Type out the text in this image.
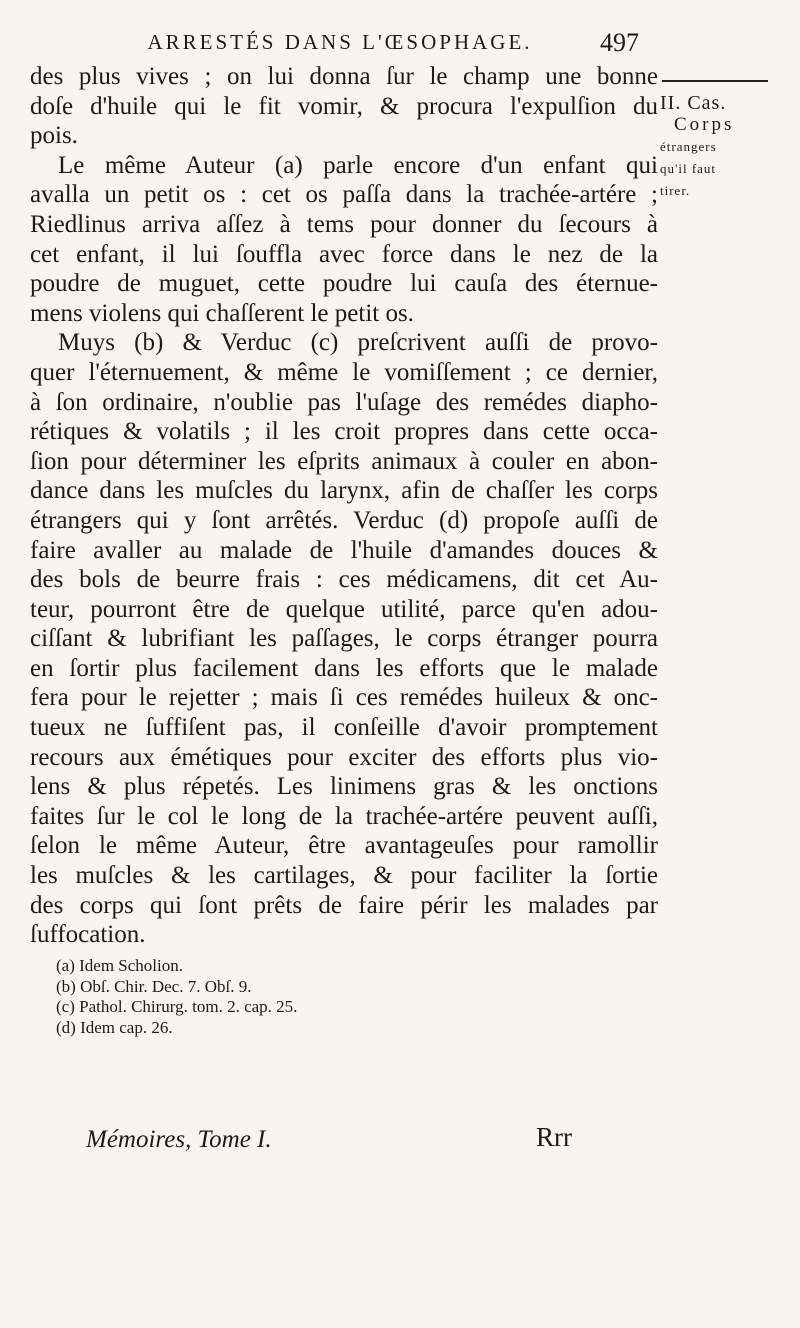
ARRESTÉS DANS L'ŒSOPHAGE.	497
II. Cas.
Corps
étrangers
qu'il faut
tirer.
des plus vives ; on lui donna ſur le champ une bonne
doſe d'huile qui le fit vomir, & procura l'expulſion du
pois.
Le même Auteur (a) parle encore d'un enfant qui
avalla un petit os : cet os paſſa dans la trachée-artére ;
Riedlinus arriva aſſez à tems pour donner du ſecours à
cet enfant, il lui ſouffla avec force dans le nez de la
poudre de muguet, cette poudre lui cauſa des éternue-
mens violens qui chaſſerent le petit os.
Muys (b) & Verduc (c) preſcrivent auſſi de provo-
quer l'éternuement, & même le vomiſſement ; ce dernier,
à ſon ordinaire, n'oublie pas l'uſage des remédes diapho-
rétiques & volatils ; il les croit propres dans cette occa-
ſion pour déterminer les eſprits animaux à couler en abon-
dance dans les muſcles du larynx, afin de chaſſer les corps
étrangers qui y ſont arrêtés. Verduc (d) propoſe auſſi de
faire avaller au malade de l'huile d'amandes douces &
des bols de beurre frais : ces médicamens, dit cet Au-
teur, pourront être de quelque utilité, parce qu'en adou-
ciſſant & lubrifiant les paſſages, le corps étranger pourra
en ſortir plus facilement dans les efforts que le malade
fera pour le rejetter ; mais ſi ces remédes huileux & onc-
tueux ne ſuffiſent pas, il conſeille d'avoir promptement
recours aux émétiques pour exciter des efforts plus vio-
lens & plus répetés. Les linimens gras & les onctions
faites ſur le col le long de la trachée-artére peuvent auſſi,
ſelon le même Auteur, être avantageuſes pour ramollir
les muſcles & les cartilages, & pour faciliter la ſortie
des corps qui ſont prêts de faire périr les malades par
ſuffocation.
(a) Idem Scholion.
(b) Obſ. Chir. Dec. 7. Obſ. 9.
(c) Pathol. Chirurg. tom. 2. cap. 25.
(d) Idem cap. 26.
Mémoires, Tome I.	Rrr
